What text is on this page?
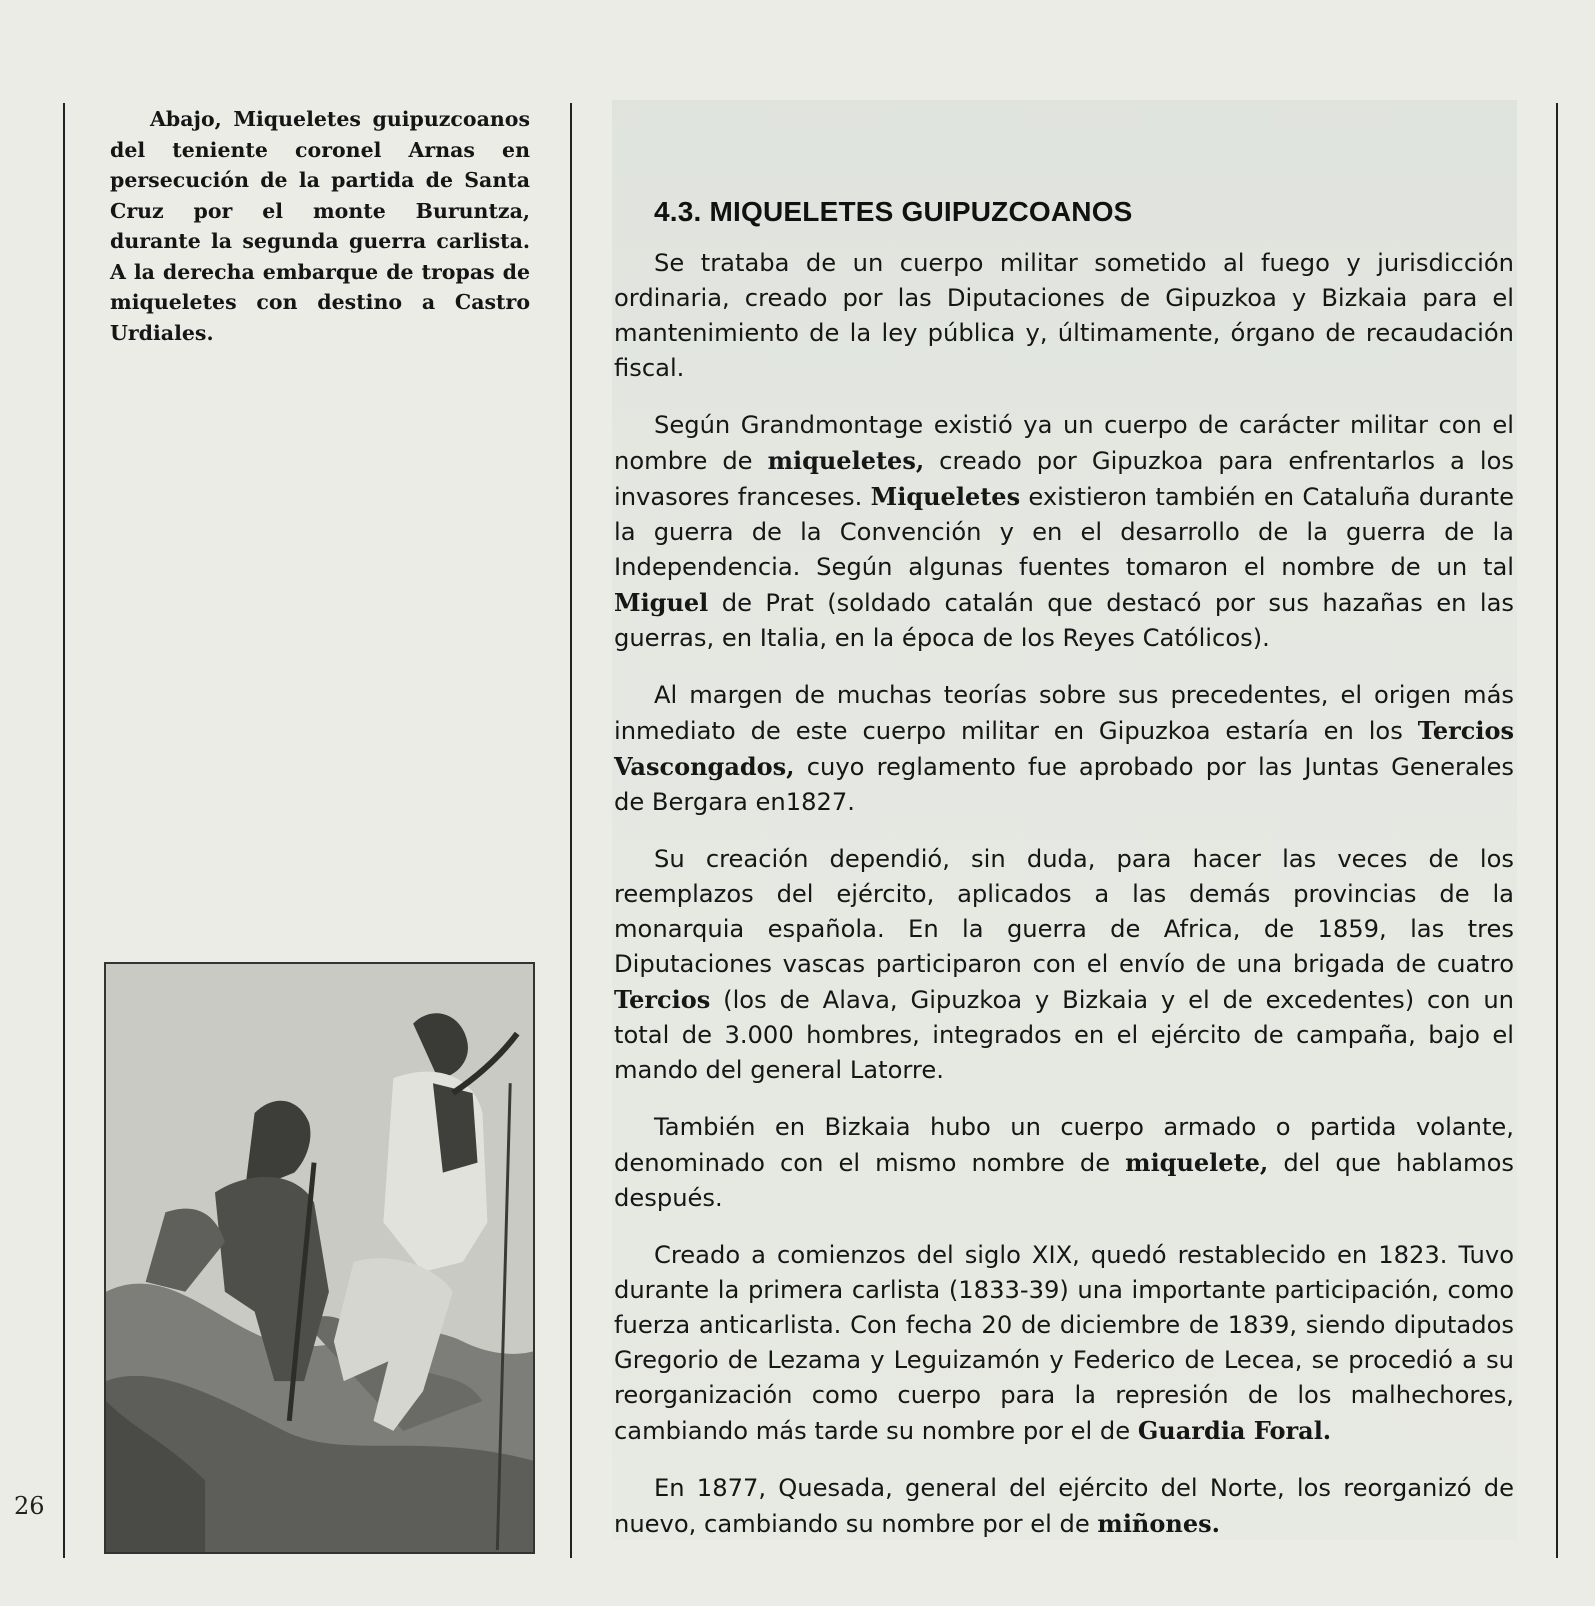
26
Abajo, Miqueletes guipuzcoanos del teniente coronel Arnas en persecución de la partida de Santa Cruz por el monte Buruntza, durante la segunda guerra carlista. A la derecha embarque de tropas de miqueletes con destino a Castro Urdiales.
4.3. MIQUELETES GUIPUZCOANOS

Se trataba de un cuerpo militar sometido al fuego y jurisdicción ordinaria, creado por las Diputaciones de Gipuzkoa y Bizkaia para el mantenimiento de la ley pública y, últimamente, órgano de recaudación fiscal.

Según Grandmontage existió ya un cuerpo de carácter militar con el nombre de miqueletes, creado por Gipuzkoa para enfrentarlos a los invasores franceses. Miqueletes existieron también en Cataluña durante la guerra de la Convención y en el desarrollo de la guerra de la Independencia. Según algunas fuentes tomaron el nombre de un tal Miguel de Prat (soldado catalán que destacó por sus hazañas en las guerras, en Italia, en la época de los Reyes Católicos).

Al margen de muchas teorías sobre sus precedentes, el origen más inmediato de este cuerpo militar en Gipuzkoa estaría en los Tercios Vascongados, cuyo reglamento fue aprobado por las Juntas Generales de Bergara en1827.

Su creación dependió, sin duda, para hacer las veces de los reemplazos del ejército, aplicados a las demás provincias de la monarquia española. En la guerra de Africa, de 1859, las tres Diputaciones vascas participaron con el envío de una brigada de cuatro Tercios (los de Alava, Gipuzkoa y Bizkaia y el de excedentes) con un total de 3.000 hombres, integrados en el ejército de campaña, bajo el mando del general Latorre.

También en Bizkaia hubo un cuerpo armado o partida volante, denominado con el mismo nombre de miquelete, del que hablamos después.

Creado a comienzos del siglo XIX, quedó restablecido en 1823. Tuvo durante la primera carlista (1833-39) una importante participación, como fuerza anticarlista. Con fecha 20 de diciembre de 1839, siendo diputados Gregorio de Lezama y Leguizamón y Federico de Lecea, se procedió a su reorganización como cuerpo para la represión de los malhechores, cambiando más tarde su nombre por el de Guardia Foral.

En 1877, Quesada, general del ejército del Norte, los reorganizó de nuevo, cambiando su nombre por el de miñones.
